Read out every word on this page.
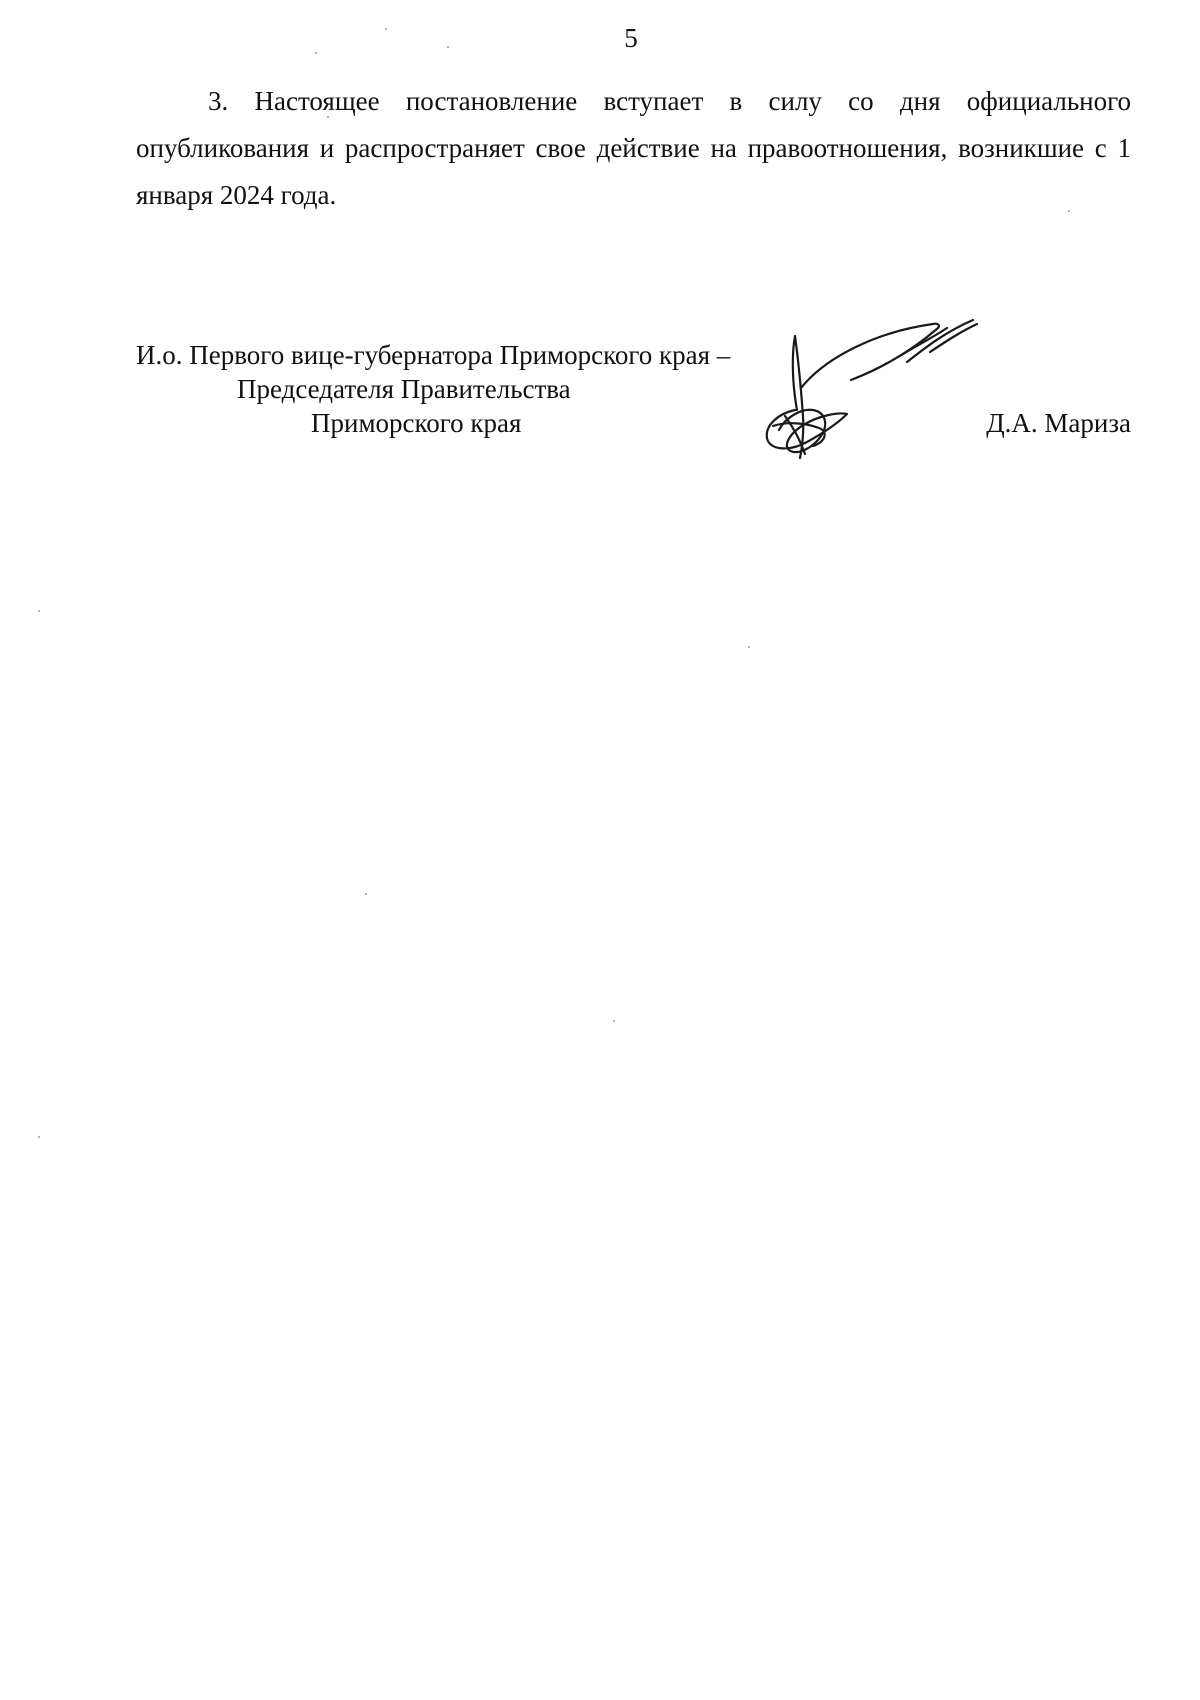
5

3. Настоящее постановление вступает в силу со дня официального опубликования и распространяет свое действие на правоотношения, возникшие с 1 января 2024 года.

И.о. Первого вице-губернатора Приморского края –
Председателя Правительства
Приморского края	Д.А. Мариза
